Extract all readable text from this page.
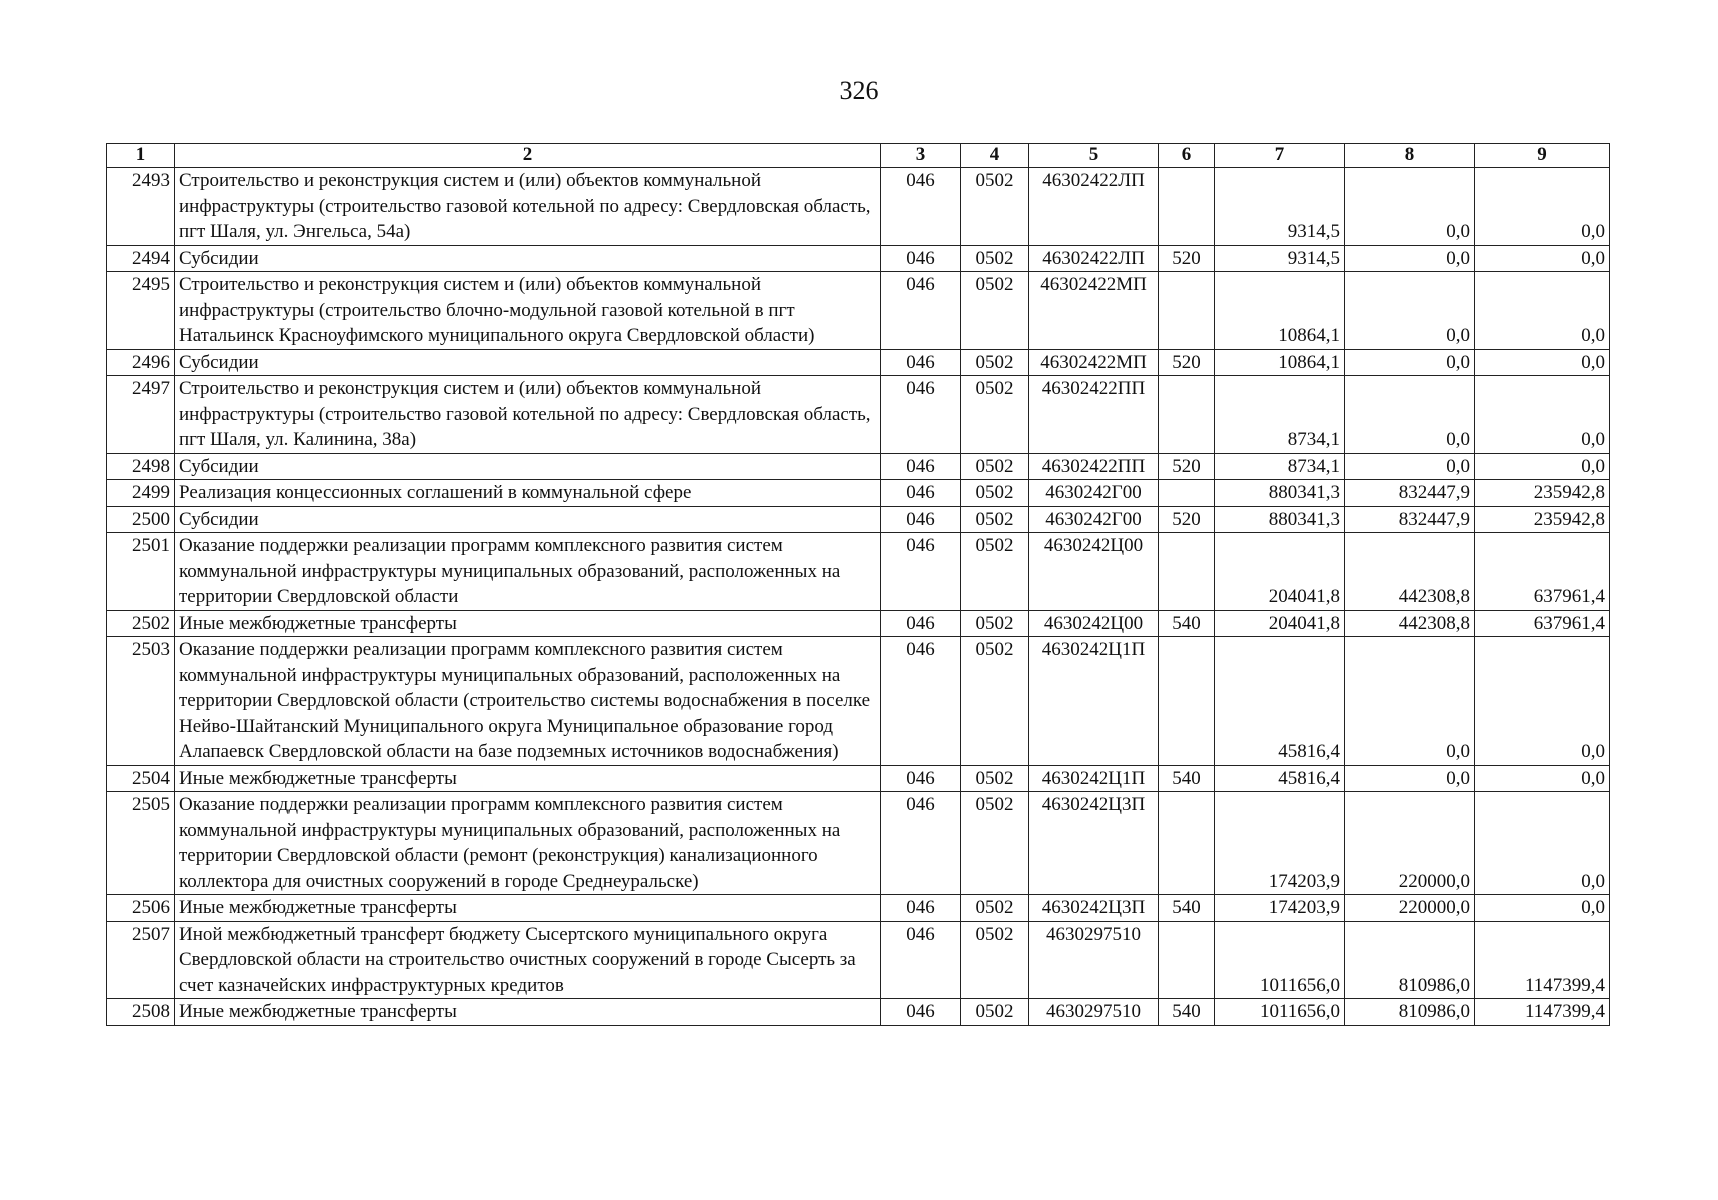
326
1	2	3	4	5	6	7	8	9
2493	Строительство и реконструкция систем и (или) объектов коммунальной инфраструктуры (строительство газовой котельной по адресу: Свердловская область, пгт Шаля, ул. Энгельса, 54а)	046	0502	46302422ЛП		9314,5	0,0	0,0
2494	Субсидии	046	0502	46302422ЛП	520	9314,5	0,0	0,0
2495	Строительство и реконструкция систем и (или) объектов коммунальной инфраструктуры (строительство блочно-модульной газовой котельной в пгт Натальинск Красноуфимского муниципального округа Свердловской области)	046	0502	46302422МП		10864,1	0,0	0,0
2496	Субсидии	046	0502	46302422МП	520	10864,1	0,0	0,0
2497	Строительство и реконструкция систем и (или) объектов коммунальной инфраструктуры (строительство газовой котельной по адресу: Свердловская область, пгт Шаля, ул. Калинина, 38а)	046	0502	46302422ПП		8734,1	0,0	0,0
2498	Субсидии	046	0502	46302422ПП	520	8734,1	0,0	0,0
2499	Реализация концессионных соглашений в коммунальной сфере	046	0502	4630242Г00		880341,3	832447,9	235942,8
2500	Субсидии	046	0502	4630242Г00	520	880341,3	832447,9	235942,8
2501	Оказание поддержки реализации программ комплексного развития систем коммунальной инфраструктуры муниципальных образований, расположенных на территории Свердловской области	046	0502	4630242Ц00		204041,8	442308,8	637961,4
2502	Иные межбюджетные трансферты	046	0502	4630242Ц00	540	204041,8	442308,8	637961,4
2503	Оказание поддержки реализации программ комплексного развития систем коммунальной инфраструктуры муниципальных образований, расположенных на территории Свердловской области (строительство системы водоснабжения в поселке Нейво-Шайтанский Муниципального округа Муниципальное образование город Алапаевск Свердловской области на базе подземных источников водоснабжения)	046	0502	4630242Ц1П		45816,4	0,0	0,0
2504	Иные межбюджетные трансферты	046	0502	4630242Ц1П	540	45816,4	0,0	0,0
2505	Оказание поддержки реализации программ комплексного развития систем коммунальной инфраструктуры муниципальных образований, расположенных на территории Свердловской области (ремонт (реконструкция) канализационного коллектора для очистных сооружений в городе Среднеуральске)	046	0502	4630242Ц3П		174203,9	220000,0	0,0
2506	Иные межбюджетные трансферты	046	0502	4630242Ц3П	540	174203,9	220000,0	0,0
2507	Иной межбюджетный трансферт бюджету Сысертского муниципального округа Свердловской области на строительство очистных сооружений в городе Сысерть за счет казначейских инфраструктурных кредитов	046	0502	4630297510		1011656,0	810986,0	1147399,4
2508	Иные межбюджетные трансферты	046	0502	4630297510	540	1011656,0	810986,0	1147399,4
